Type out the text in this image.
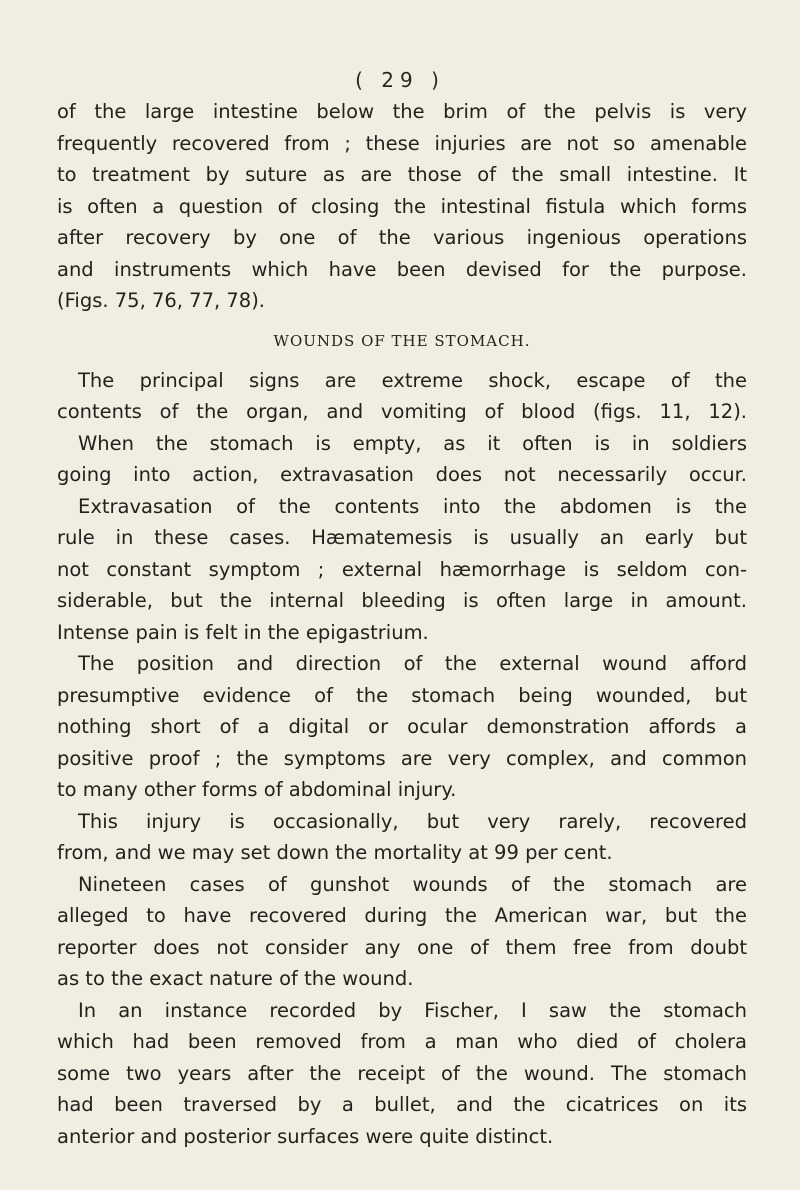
( 29 )
of the large intestine below the brim of the pelvis is very
frequently recovered from ; these injuries are not so amenable
to treatment by suture as are those of the small intestine. It
is often a question of closing the intestinal fistula which forms
after recovery by one of the various ingenious operations
and instruments which have been devised for the purpose.
(Figs. 75, 76, 77, 78).
WOUNDS OF THE STOMACH.
The principal signs are extreme shock, escape of the
contents of the organ, and vomiting of blood (figs. 11, 12).
When the stomach is empty, as it often is in soldiers
going into action, extravasation does not necessarily occur.
Extravasation of the contents into the abdomen is the
rule in these cases. Hæmatemesis is usually an early but
not constant symptom ; external hæmorrhage is seldom con-
siderable, but the internal bleeding is often large in amount.
Intense pain is felt in the epigastrium.
The position and direction of the external wound afford
presumptive evidence of the stomach being wounded, but
nothing short of a digital or ocular demonstration affords a
positive proof ; the symptoms are very complex, and common
to many other forms of abdominal injury.
This injury is occasionally, but very rarely, recovered
from, and we may set down the mortality at 99 per cent.
Nineteen cases of gunshot wounds of the stomach are
alleged to have recovered during the American war, but the
reporter does not consider any one of them free from doubt
as to the exact nature of the wound.
In an instance recorded by Fischer, I saw the stomach
which had been removed from a man who died of cholera
some two years after the receipt of the wound. The stomach
had been traversed by a bullet, and the cicatrices on its
anterior and posterior surfaces were quite distinct.
